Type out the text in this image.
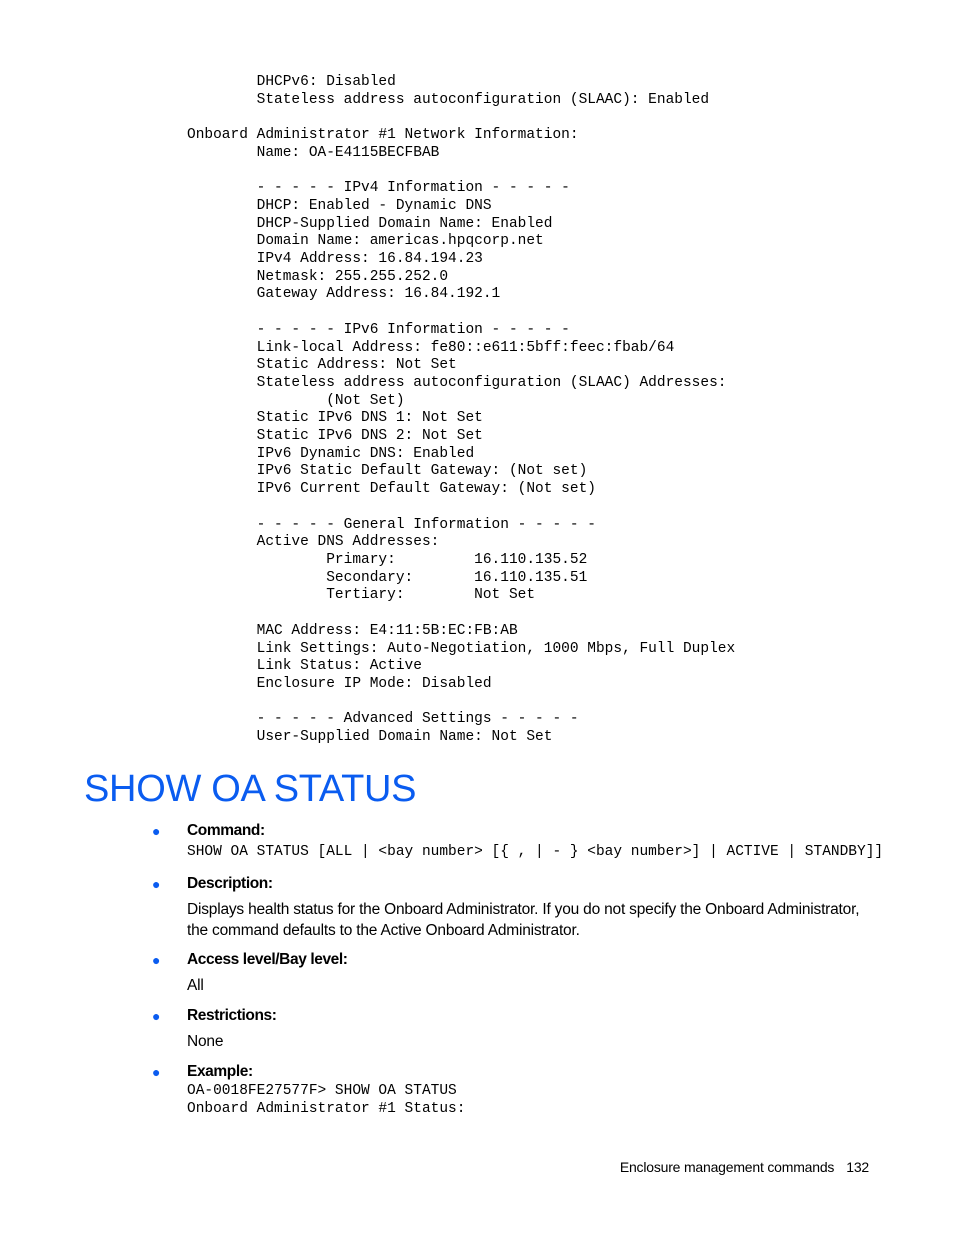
DHCPv6: Disabled
Stateless address autoconfiguration (SLAAC): Enabled

Onboard Administrator #1 Network Information:
Name: OA-E4115BECFBAB

- - - - - IPv4 Information - - - - -
DHCP: Enabled - Dynamic DNS
DHCP-Supplied Domain Name: Enabled
Domain Name: americas.hpqcorp.net
IPv4 Address: 16.84.194.23
Netmask: 255.255.252.0
Gateway Address: 16.84.192.1

- - - - - IPv6 Information - - - - -
Link-local Address: fe80::e611:5bff:feec:fbab/64
Static Address: Not Set
Stateless address autoconfiguration (SLAAC) Addresses:
(Not Set)
Static IPv6 DNS 1: Not Set
Static IPv6 DNS 2: Not Set
IPv6 Dynamic DNS: Enabled
IPv6 Static Default Gateway: (Not set)
IPv6 Current Default Gateway: (Not set)

- - - - - General Information - - - - -
Active DNS Addresses:
Primary:         16.110.135.52
Secondary:       16.110.135.51
Tertiary:        Not Set

MAC Address: E4:11:5B:EC:FB:AB
Link Settings: Auto-Negotiation, 1000 Mbps, Full Duplex
Link Status: Active
Enclosure IP Mode: Disabled

- - - - - Advanced Settings - - - - -
User-Supplied Domain Name: Not Set
SHOW OA STATUS
● Command:
SHOW OA STATUS [ALL | <bay number> [{ , | - } <bay number>] | ACTIVE | STANDBY]]
● Description:
Displays health status for the Onboard Administrator. If you do not specify the Onboard Administrator, the command defaults to the Active Onboard Administrator.
● Access level/Bay level:
All
● Restrictions:
None
● Example:
OA-0018FE27577F> SHOW OA STATUS
Onboard Administrator #1 Status:
Enclosure management commands 132
